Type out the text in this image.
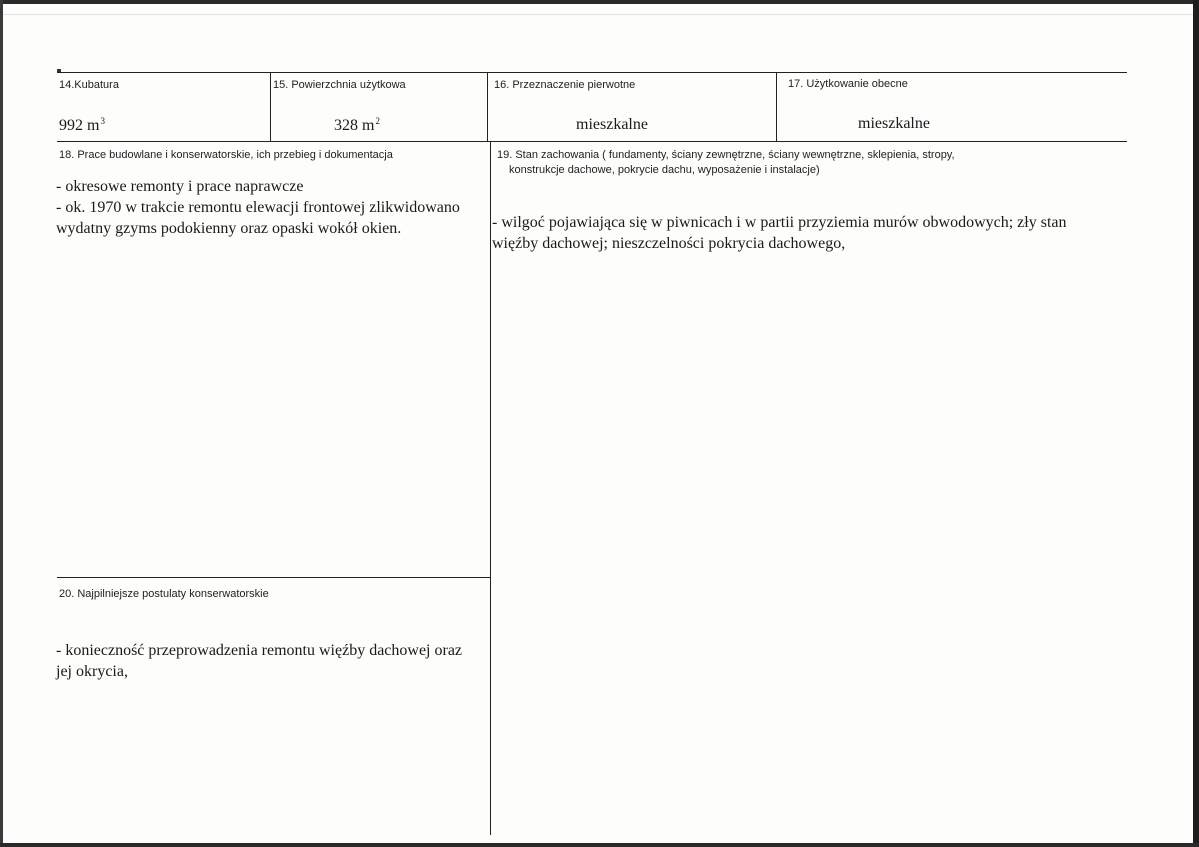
14.Kubatura
992 $m^3$
15. Powierzchnia użytkowa
328 $m^2$
16. Przeznaczenie pierwotne
mieszkalne
17. Użytkowanie obecne
mieszkalne
18. Prace budowlane i konserwatorskie, ich przebieg i dokumentacja
- okresowe remonty i prace naprawcze
- ok. 1970 w trakcie remontu elewacji frontowej zlikwidowano
wydatny gzyms podokienny oraz opaski wokół okien.
19. Stan zachowania ( fundamenty, ściany zewnętrzne, ściany wewnętrzne, sklepienia, stropy,
konstrukcje dachowe, pokrycie dachu, wyposażenie i instalacje)
- wilgoć pojawiająca się w piwnicach i w partii przyziemia murów obwodowych; zły stan
więźby dachowej; nieszczelności pokrycia dachowego,
20. Najpilniejsze postulaty konserwatorskie
- konieczność przeprowadzenia remontu więźby dachowej oraz
jej okrycia,
